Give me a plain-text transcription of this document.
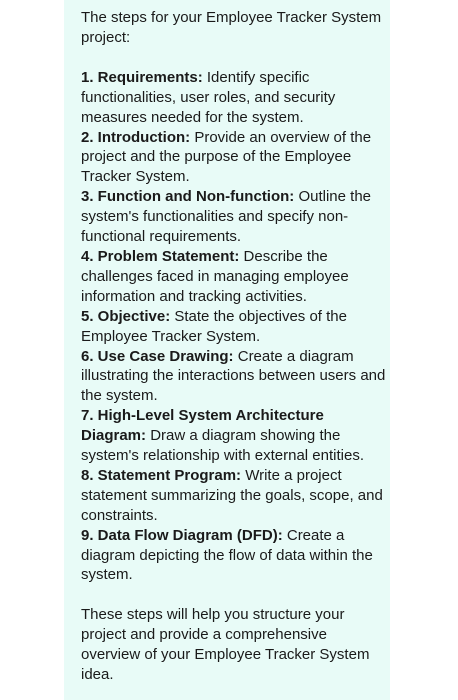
The steps for your Employee Tracker System project:

1. Requirements: Identify specific functionalities, user roles, and security measures needed for the system.
2. Introduction: Provide an overview of the project and the purpose of the Employee Tracker System.
3. Function and Non-function: Outline the system's functionalities and specify non-functional requirements.
4. Problem Statement: Describe the challenges faced in managing employee information and tracking activities.
5. Objective: State the objectives of the Employee Tracker System.
6. Use Case Drawing: Create a diagram illustrating the interactions between users and the system.
7. High-Level System Architecture Diagram: Draw a diagram showing the system's relationship with external entities.
8. Statement Program: Write a project statement summarizing the goals, scope, and constraints.
9. Data Flow Diagram (DFD): Create a diagram depicting the flow of data within the system.

These steps will help you structure your project and provide a comprehensive overview of your Employee Tracker System idea.
